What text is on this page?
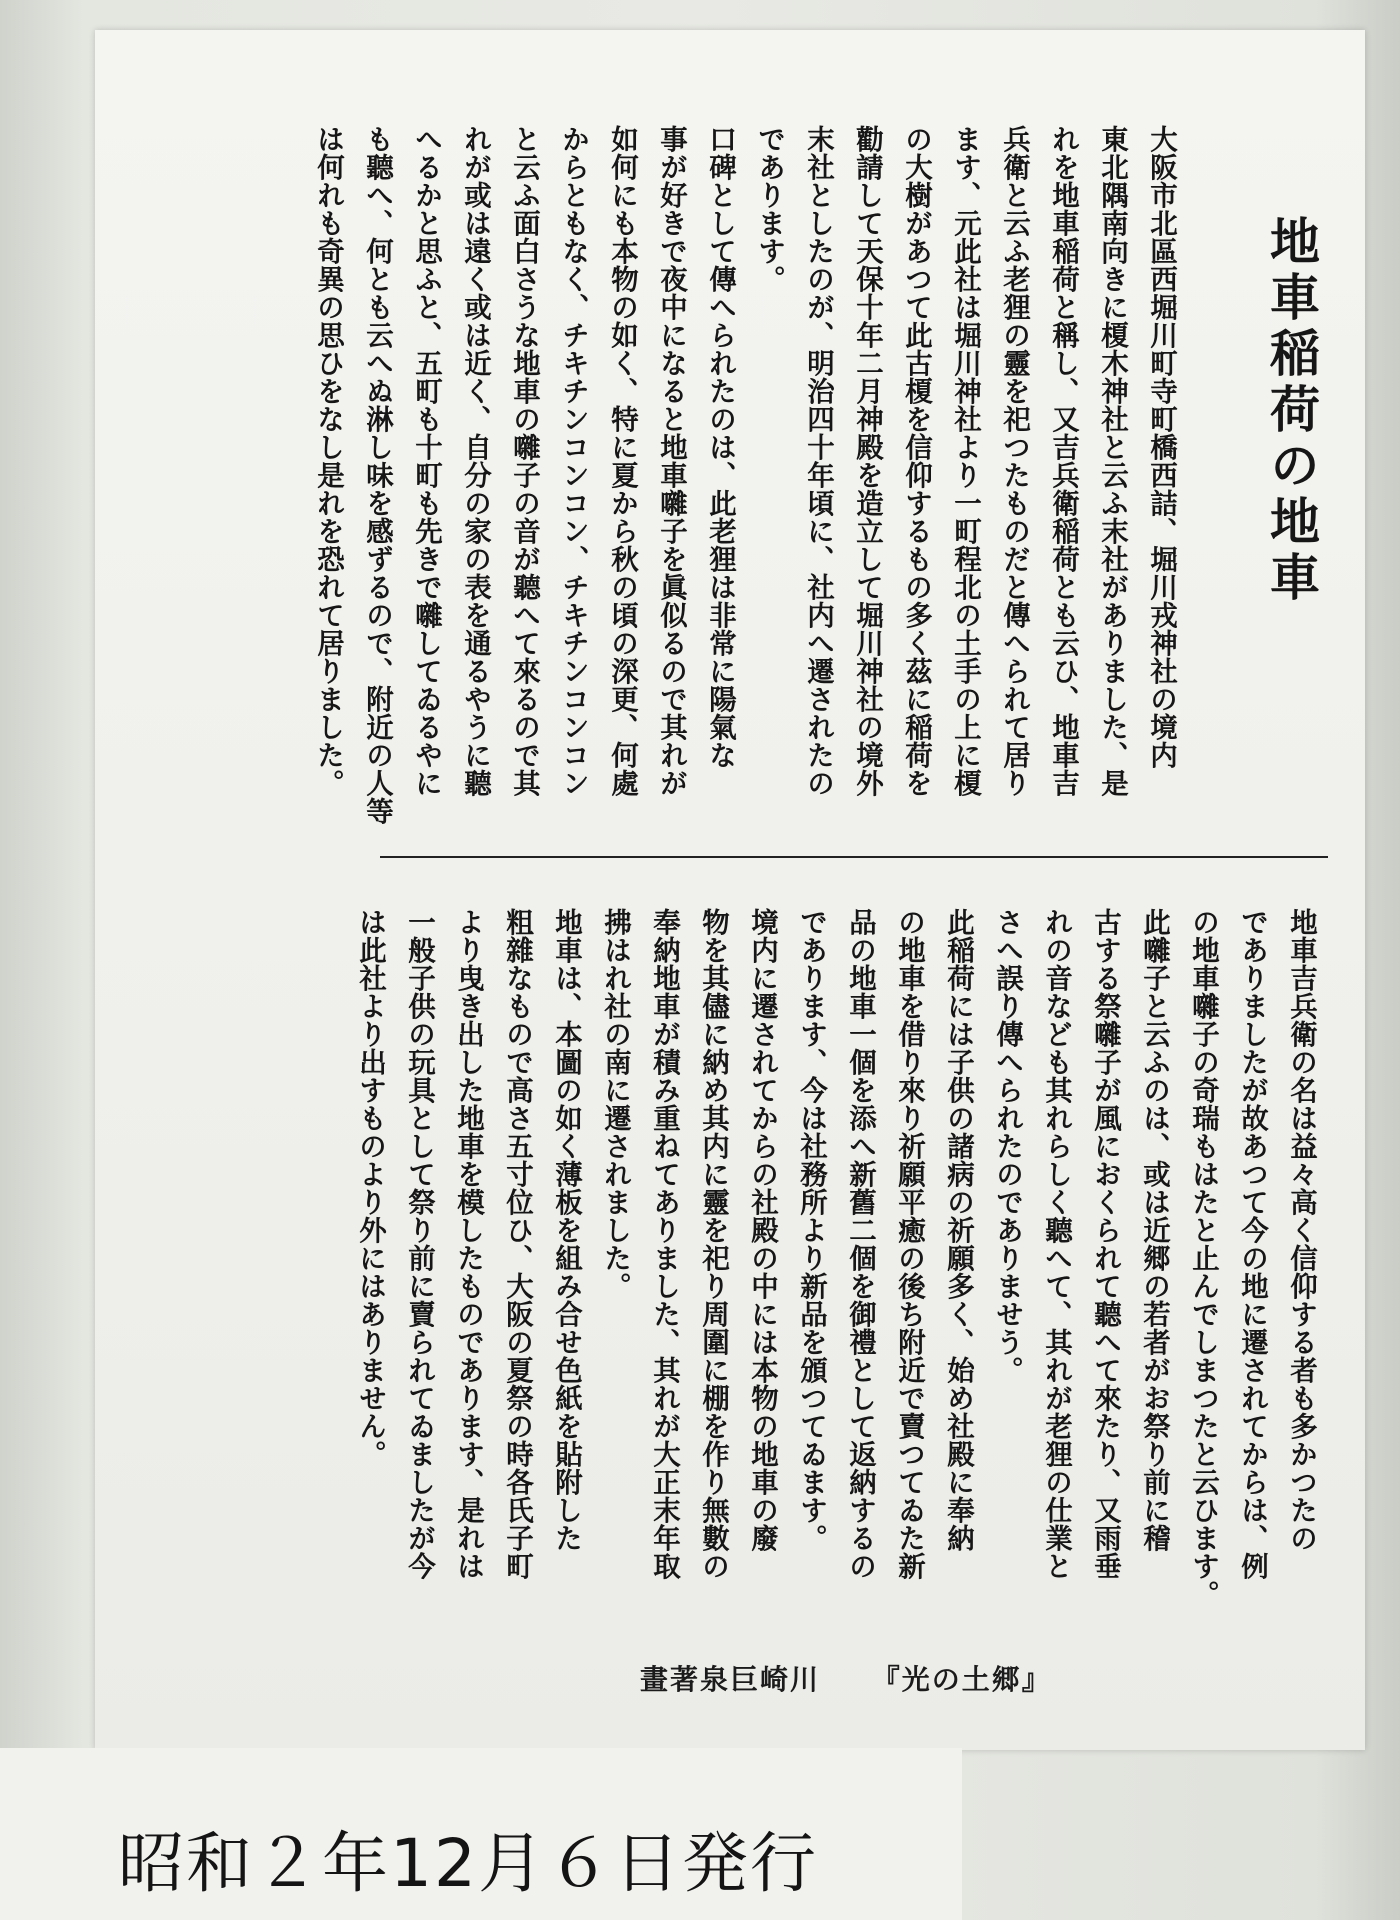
地車稲荷の地車
大阪市北區西堀川町寺町橋西詰、堀川戎神社の境内
東北隅南向きに榎木神社と云ふ末社がありました、是
れを地車稲荷と稱し、又吉兵衛稲荷とも云ひ、地車吉
兵衛と云ふ老狸の靈を祀つたものだと傳へられて居り
ます、元此社は堀川神社より一町程北の土手の上に榎
の大樹があつて此古榎を信仰するもの多く茲に稲荷を
勸請して天保十年二月神殿を造立して堀川神社の境外
末社としたのが、明治四十年頃に、社内へ遷されたの
であります。
口碑として傳へられたのは、此老狸は非常に陽氣な
事が好きで夜中になると地車囃子を眞似るので其れが
如何にも本物の如く、特に夏から秋の頃の深更、何處
からともなく、チキチンコンコン、チキチンコンコン
と云ふ面白さうな地車の囃子の音が聽へて來るので其
れが或は遠く或は近く、自分の家の表を通るやうに聽
へるかと思ふと、五町も十町も先きで囃してゐるやに
も聽へ、何とも云へぬ淋し味を感ずるので、附近の人等
は何れも奇異の思ひをなし是れを恐れて居りました。
地車吉兵衛の名は益々高く信仰する者も多かつたの
でありましたが故あつて今の地に遷されてからは、例
の地車囃子の奇瑞もはたと止んでしまつたと云ひます。
此囃子と云ふのは、或は近郷の若者がお祭り前に稽
古する祭囃子が風におくられて聽へて來たり、又雨垂
れの音なども其れらしく聽へて、其れが老狸の仕業と
さへ誤り傳へられたのでありませう。
此稲荷には子供の諸病の祈願多く、始め社殿に奉納
の地車を借り來り祈願平癒の後ち附近で賣つてゐた新
品の地車一個を添へ新舊二個を御禮として返納するの
であります、今は社務所より新品を頒つてゐます。
境内に遷されてからの社殿の中には本物の地車の廢
物を其儘に納め其内に靈を祀り周圍に棚を作り無數の
奉納地車が積み重ねてありました、其れが大正末年取
拂はれ社の南に遷されました。
地車は、本圖の如く薄板を組み合せ色紙を貼附した
粗雜なもので高さ五寸位ひ、大阪の夏祭の時各氏子町
より曳き出した地車を模したものであります、是れは
一般子供の玩具として祭り前に賣られてゐましたが今
は此社より出すものより外にはありません。
畫著泉巨崎川 『光の土郷』
昭和２年12月６日発行
